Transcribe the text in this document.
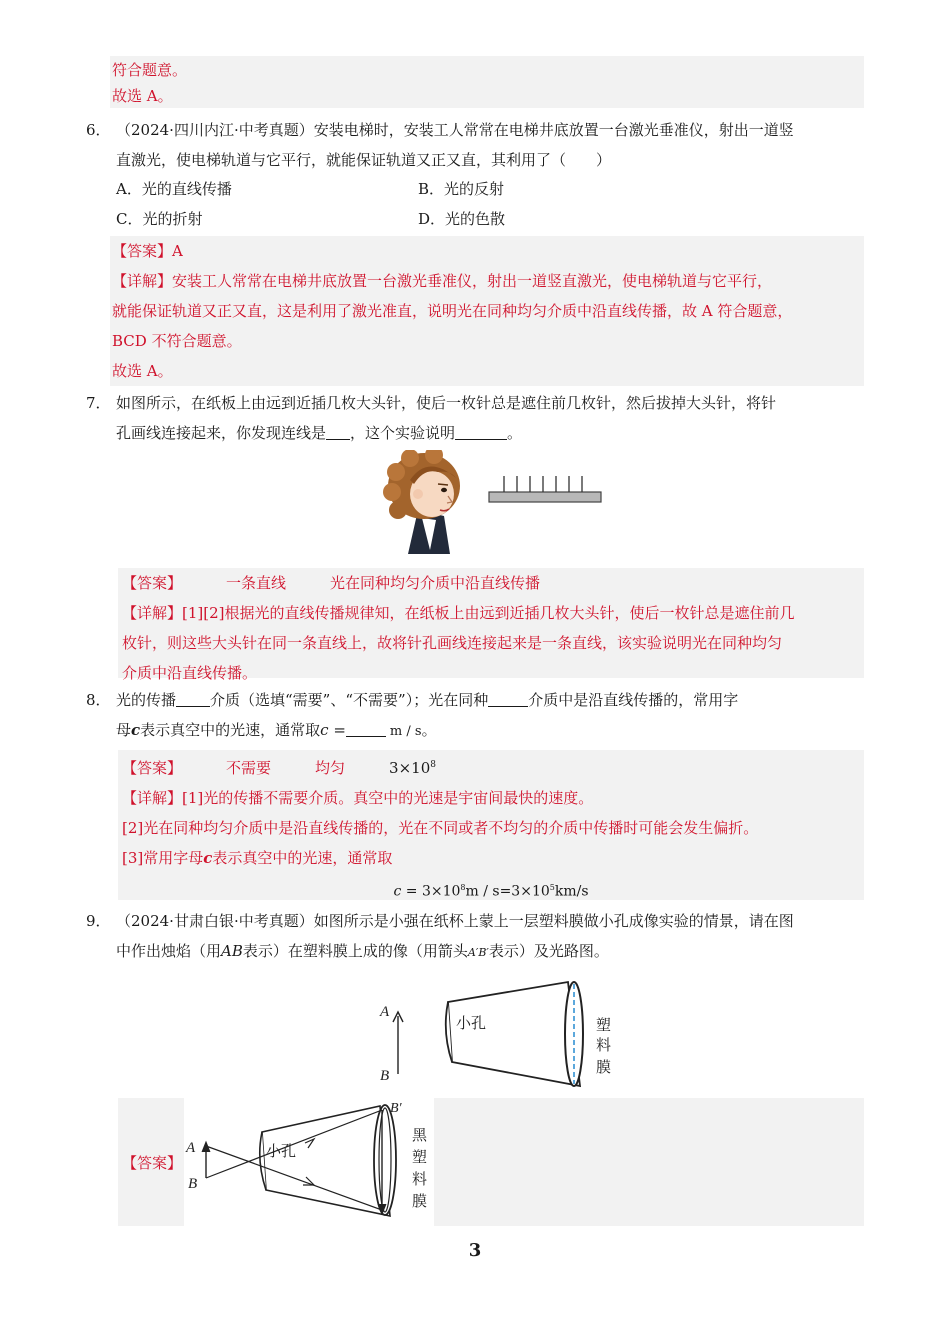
符合题意。
故选 A。
6． （2024·四川内江·中考真题）安装电梯时，安装工人常常在电梯井底放置一台激光垂准仪，射出一道竖
直激光，使电梯轨道与它平行，就能保证轨道又正又直，其利用了（　　）
A．光的直线传播	B．光的反射
C．光的折射	D．光的色散
【答案】A
【详解】安装工人常常在电梯井底放置一台激光垂准仪，射出一道竖直激光，使电梯轨道与它平行，
就能保证轨道又正又直，这是利用了激光准直，说明光在同种均匀介质中沿直线传播，故 A 符合题意，
BCD 不符合题意。
故选 A。
7． 如图所示，在纸板上由远到近插几枚大头针，使后一枚针总是遮住前几枚针，然后拔掉大头针，将针
孔画线连接起来，你发现连线是 ，这个实验说明	。
【答案】	一条直线	光在同种均匀介质中沿直线传播
【详解】[1][2]根据光的直线传播规律知，在纸板上由远到近插几枚大头针，使后一枚针总是遮住前几
枚针，则这些大头针在同一条直线上，故将针孔画线连接起来是一条直线，该实验说明光在同种均匀
介质中沿直线传播。
8． 光的传播 介质（选填“需要”、“不需要”）；光在同种	介质中是沿直线传播的，常用字
母c表示真空中的光速，通常取c =	m / s。
【答案】	不需要	均匀	$3\times 10^8$
【详解】[1]光的传播不需要介质。真空中的光速是宇宙间最快的速度。
[2]光在同种均匀介质中是沿直线传播的，光在不同或者不均匀的介质中传播时可能会发生偏折。
[3]常用字母c表示真空中的光速，通常取
$c = 3\times 10^8m / s=3\times 10^5km/s$
9． （2024·甘肃白银·中考真题）如图所示是小强在纸杯上蒙上一层塑料膜做小孔成像实验的情景，请在图
中作出烛焰（用AB表示）在塑料膜上成的像（用箭头A′B′表示）及光路图。
A
B
小孔	塑
料
膜
【答案】
A
B
B′
小孔
黑
塑
料
膜
3
